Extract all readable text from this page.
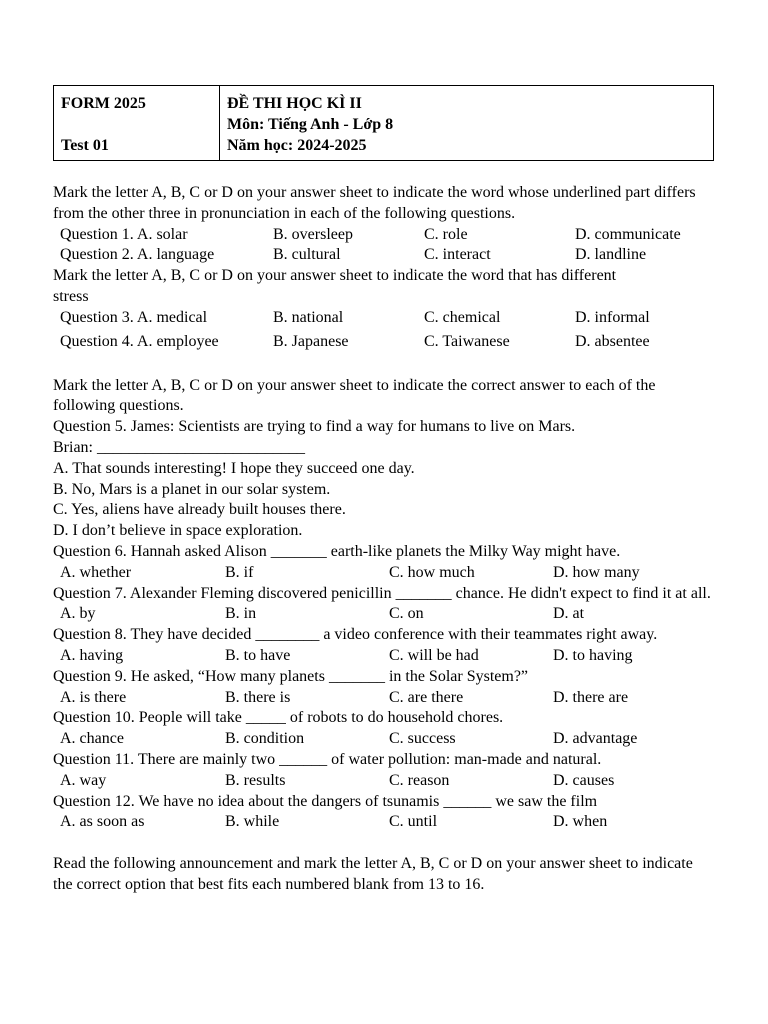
FORM 2025
Test 01
ĐỀ THI HỌC KÌ II
Môn: Tiếng Anh - Lớp 8
Năm học: 2024-2025
Mark the letter A, B, C or D on your answer sheet to indicate the word whose underlined part differs from the other three in pronunciation in each of the following questions.
Question 1. A. solar	B. oversleep	C. role	D. communicate
Question 2. A. language	B. cultural	C. interact	D. landline
Mark the letter A, B, C or D on your answer sheet to indicate the word that has different
stress
Question 3. A. medical	B. national	C. chemical	D. informal
Question 4. A. employee	B. Japanese	C. Taiwanese	D. absentee
Mark the letter A, B, C or D on your answer sheet to indicate the correct answer to each of the following questions.
Question 5. James: Scientists are trying to find a way for humans to live on Mars.
Brian: __________________________
A. That sounds interesting! I hope they succeed one day.
B. No, Mars is a planet in our solar system.
C. Yes, aliens have already built houses there.
D. I don’t believe in space exploration.
Question 6. Hannah asked Alison _______ earth-like planets the Milky Way might have.
A. whether	B. if	C. how much	D. how many
Question 7. Alexander Fleming discovered penicillin _______ chance. He didn't expect to find it at all.
A. by	B. in	C. on	D. at
Question 8. They have decided ________ a video conference with their teammates right away.
A. having	B. to have	C. will be had	D. to having
Question 9. He asked, “How many planets _______ in the Solar System?”
A. is there	B. there is	C. are there	D. there are
Question 10. People will take _____ of robots to do household chores.
A. chance	B. condition	C. success	D. advantage
Question 11. There are mainly two ______ of water pollution: man-made and natural.
A. way	B. results	C. reason	D. causes
Question 12. We have no idea about the dangers of tsunamis ______ we saw the film
A. as soon as	B. while	C. until	D. when
Read the following announcement and mark the letter A, B, C or D on your answer sheet to indicate the correct option that best fits each numbered blank from 13 to 16.
